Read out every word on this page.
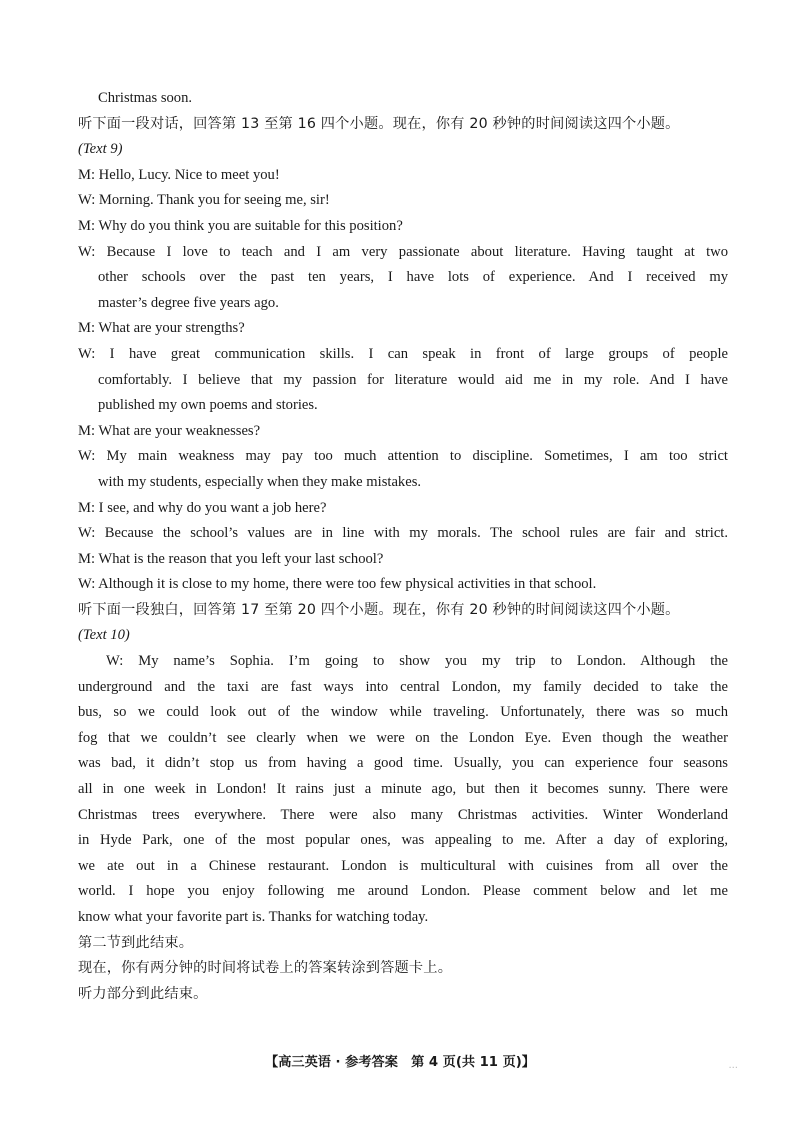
Christmas soon.
听下面一段对话，回答第 13 至第 16 四个小题。现在，你有 20 秒钟的时间阅读这四个小题。
(Text 9)
M: Hello, Lucy. Nice to meet you!
W: Morning. Thank you for seeing me, sir!
M: Why do you think you are suitable for this position?
W: Because I love to teach and I am very passionate about literature. Having taught at two
other schools over the past ten years, I have lots of experience. And I received my
master’s degree five years ago.
M: What are your strengths?
W: I have great communication skills. I can speak in front of large groups of people
comfortably. I believe that my passion for literature would aid me in my role. And I have
published my own poems and stories.
M: What are your weaknesses?
W: My main weakness may pay too much attention to discipline. Sometimes, I am too strict
with my students, especially when they make mistakes.
M: I see, and why do you want a job here?
W: Because the school’s values are in line with my morals. The school rules are fair and strict.
M: What is the reason that you left your last school?
W: Although it is close to my home, there were too few physical activities in that school.
听下面一段独白，回答第 17 至第 20 四个小题。现在，你有 20 秒钟的时间阅读这四个小题。
(Text 10)
W: My name’s Sophia. I’m going to show you my trip to London. Although the
underground and the taxi are fast ways into central London, my family decided to take the
bus, so we could look out of the window while traveling. Unfortunately, there was so much
fog that we couldn’t see clearly when we were on the London Eye. Even though the weather
was bad, it didn’t stop us from having a good time. Usually, you can experience four seasons
all in one week in London! It rains just a minute ago, but then it becomes sunny. There were
Christmas trees everywhere. There were also many Christmas activities. Winter Wonderland
in Hyde Park, one of the most popular ones, was appealing to me. After a day of exploring,
we ate out in a Chinese restaurant. London is multicultural with cuisines from all over the
world. I hope you enjoy following me around London. Please comment below and let me
know what your favorite part is. Thanks for watching today.
第二节到此结束。
现在，你有两分钟的时间将试卷上的答案转涂到答题卡上。
听力部分到此结束。
【高三英语 · 参考答案　第 4 页(共 11 页)】	...
